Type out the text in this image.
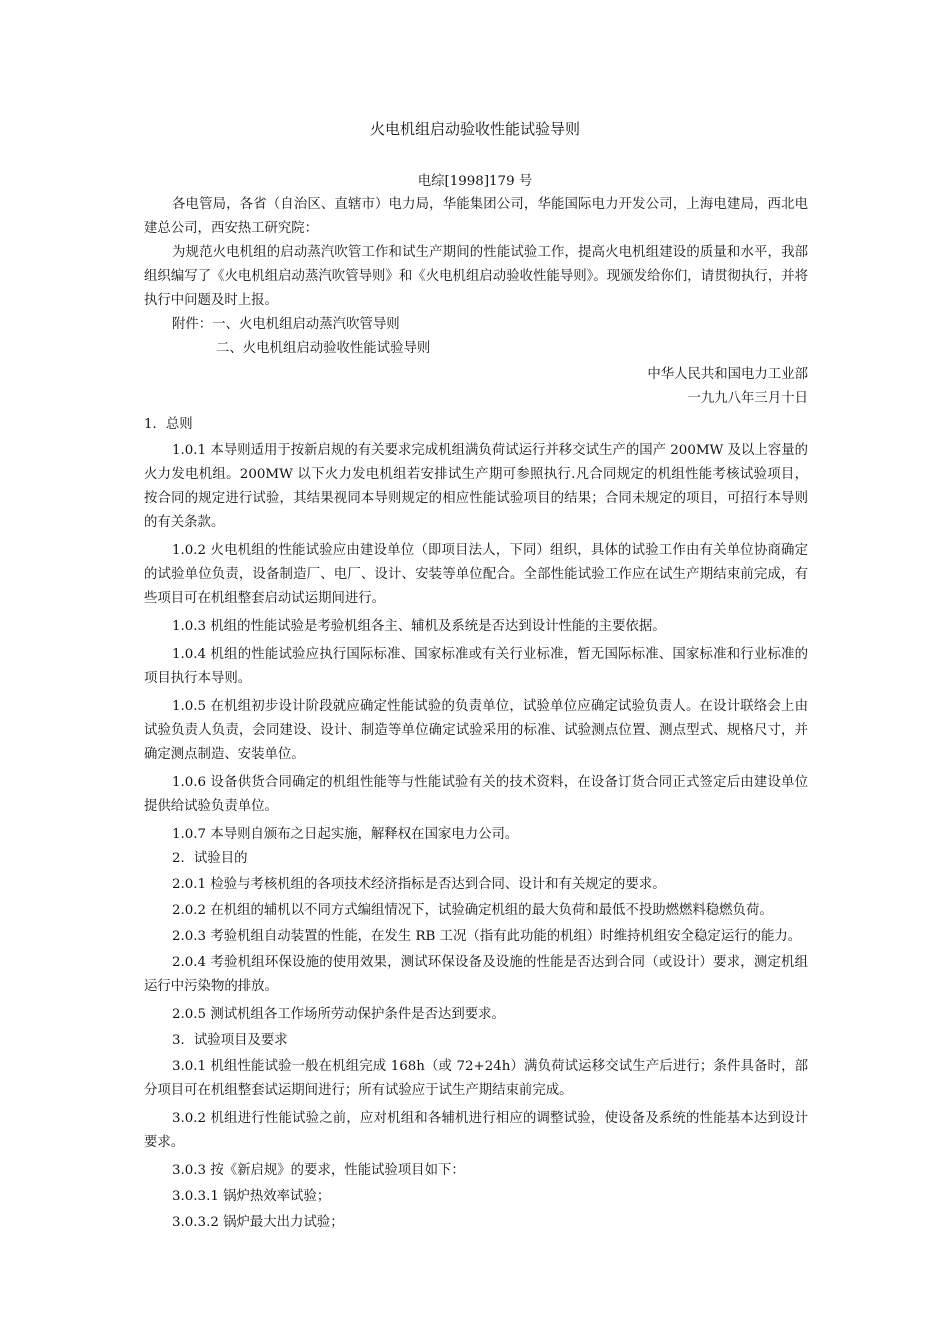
火电机组启动验收性能试验导则
电综[1998]179 号

各电管局，各省（自治区、直辖市）电力局，华能集团公司，华能国际电力开发公司，上海电建局，西北电建总公司，西安热工研究院：

为规范火电机组的启动蒸汽吹管工作和试生产期间的性能试验工作，提高火电机组建设的质量和水平，我部组织编写了《火电机组启动蒸汽吹管导则》和《火电机组启动验收性能导则》。现颁发给你们，请贯彻执行，并将执行中问题及时上报。

附件：一、火电机组启动蒸汽吹管导则

二、火电机组启动验收性能试验导则

中华人民共和国电力工业部

一九九八年三月十日

1．总则

1.0.1 本导则适用于按新启规的有关要求完成机组满负荷试运行并移交试生产的国产 200MW 及以上容量的火力发电机组。200MW 以下火力发电机组若安排试生产期可参照执行.凡合同规定的机组性能考核试验项目，按合同的规定进行试验，其结果视同本导则规定的相应性能试验项目的结果；合同未规定的项目，可招行本导则的有关条款。

1.0.2 火电机组的性能试验应由建设单位（即项目法人，下同）组织，具体的试验工作由有关单位协商确定的试验单位负责，设备制造厂、电厂、设计、安装等单位配合。全部性能试验工作应在试生产期结束前完成，有些项目可在机组整套启动试运期间进行。

1.0.3 机组的性能试验是考验机组各主、辅机及系统是否达到设计性能的主要依据。

1.0.4 机组的性能试验应执行国际标准、国家标准或有关行业标准，暂无国际标准、国家标准和行业标准的项目执行本导则。

1.0.5 在机组初步设计阶段就应确定性能试验的负责单位，试验单位应确定试验负责人。在设计联络会上由试验负责人负责，会同建设、设计、制造等单位确定试验采用的标准、试验测点位置、测点型式、规格尺寸，并确定测点制造、安装单位。

1.0.6 设备供货合同确定的机组性能等与性能试验有关的技术资料，在设备订货合同正式签定后由建设单位提供给试验负责单位。

1.0.7 本导则自颁布之日起实施，解释权在国家电力公司。

2．试验目的

2.0.1 检验与考核机组的各项技术经济指标是否达到合同、设计和有关规定的要求。

2.0.2 在机组的辅机以不同方式编组情况下，试验确定机组的最大负荷和最低不投助燃燃料稳燃负荷。

2.0.3 考验机组自动装置的性能，在发生 RB 工况（指有此功能的机组）时维持机组安全稳定运行的能力。

2.0.4 考验机组环保设施的使用效果，测试环保设备及设施的性能是否达到合同（或设计）要求，测定机组运行中污染物的排放。

2.0.5 测试机组各工作场所劳动保护条件是否达到要求。

3．试验项目及要求

3.0.1 机组性能试验一般在机组完成 168h（或 72+24h）满负荷试运移交试生产后进行；条件具备时，部分项目可在机组整套试运期间进行；所有试验应于试生产期结束前完成。

3.0.2 机组进行性能试验之前，应对机组和各辅机进行相应的调整试验，使设备及系统的性能基本达到设计要求。

3.0.3 按《新启规》的要求，性能试验项目如下：

3.0.3.1 锅炉热效率试验；

3.0.3.2 锅炉最大出力试验；
